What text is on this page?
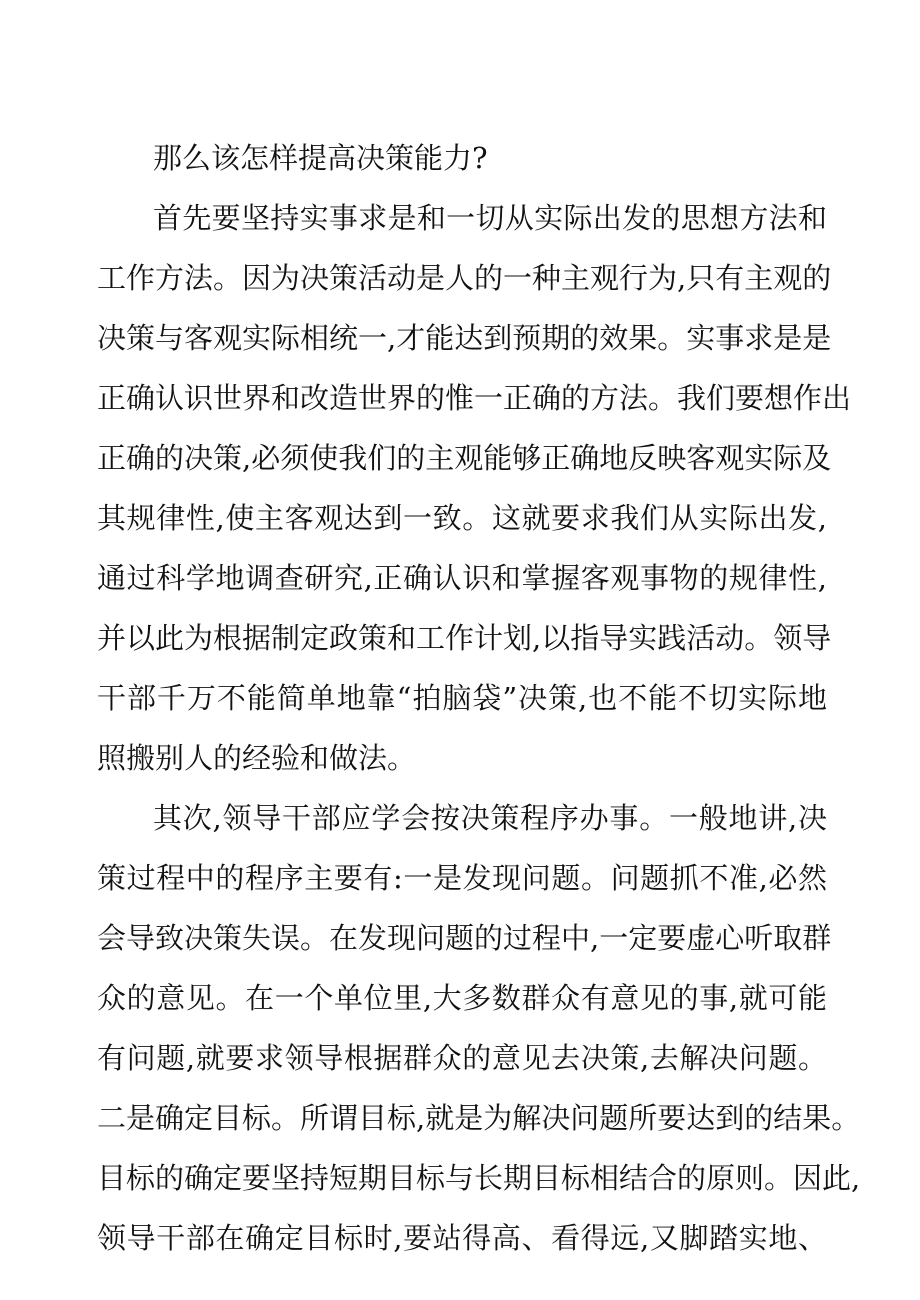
那么该怎样提高决策能力?
首先要坚持实事求是和一切从实际出发的思想方法和
工作方法。因为决策活动是人的一种主观行为,只有主观的
决策与客观实际相统一,才能达到预期的效果。实事求是是
正确认识世界和改造世界的惟一正确的方法。我们要想作出
正确的决策,必须使我们的主观能够正确地反映客观实际及
其规律性,使主客观达到一致。这就要求我们从实际出发,
通过科学地调查研究,正确认识和掌握客观事物的规律性,
并以此为根据制定政策和工作计划,以指导实践活动。领导
干部千万不能简单地靠“拍脑袋”决策,也不能不切实际地
照搬别人的经验和做法。
其次,领导干部应学会按决策程序办事。一般地讲,决
策过程中的程序主要有:一是发现问题。问题抓不准,必然
会导致决策失误。在发现问题的过程中,一定要虚心听取群
众的意见。在一个单位里,大多数群众有意见的事,就可能
有问题,就要求领导根据群众的意见去决策,去解决问题。
二是确定目标。所谓目标,就是为解决问题所要达到的结果。
目标的确定要坚持短期目标与长期目标相结合的原则。因此,
领导干部在确定目标时,要站得高、看得远,又脚踏实地、
